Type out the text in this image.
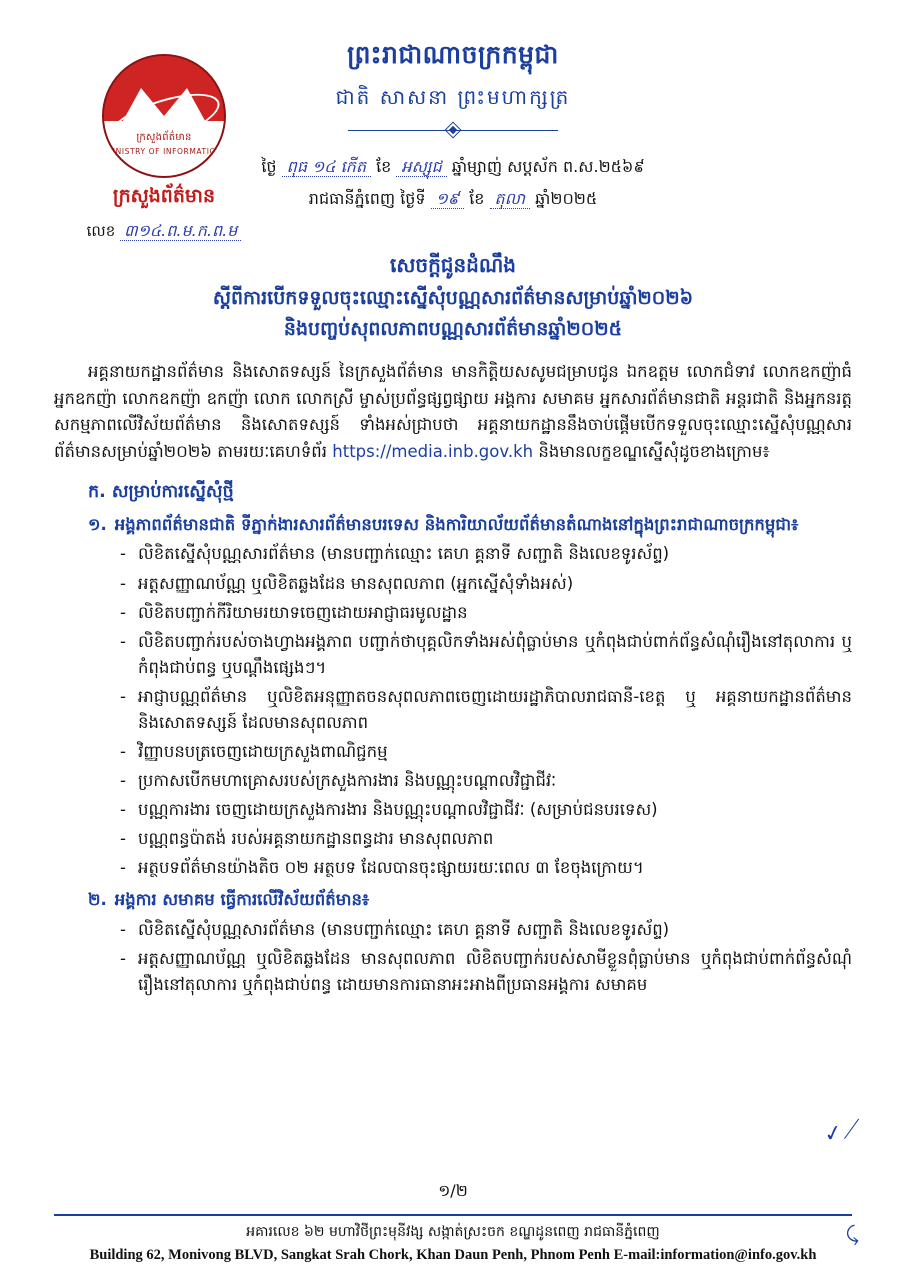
ក្រសួងព័ត៌មាន
MINISTRY OF INFORMATION
ក្រសួងព័ត៌មាន
លេខ ៣១៤.ព.ម.ក.ព.ម
ព្រះរាជាណាចក្រកម្ពុជា
ជាតិ សាសនា ព្រះមហាក្សត្រ
ថ្ងៃ ពុធ ១៤ កើត ខែ អស្សុជ ឆ្នាំម្សាញ់ សប្តស័ក ព.ស.២៥៦៩
រាជធានីភ្នំពេញ ថ្ងៃទី ១៩ ខែ តុលា ឆ្នាំ២០២៥
សេចក្តីជូនដំណឹង
ស្តីពីការបើកទទួលចុះឈ្មោះស្នើសុំបណ្ណសារព័ត៌មានសម្រាប់ឆ្នាំ២០២៦
និងបញ្ចប់សុពលភាពបណ្ណសារព័ត៌មានឆ្នាំ២០២៥

អគ្គនាយកដ្ឋានព័ត៌មាន និងសោតទស្សន៍ នៃក្រសួងព័ត៌មាន មានកិត្តិយសសូមជម្រាបជូន ឯកឧត្តម លោកជំទាវ លោកឧកញ៉ាធំ អ្នកឧកញ៉ា លោកឧកញ៉ា ឧកញ៉ា លោក លោកស្រី ម្ចាស់ប្រព័ន្ធផ្សព្វផ្សាយ អង្គការ សមាគម អ្នកសារព័ត៌មានជាតិ អន្តរជាតិ និងអ្នកនរត្តសកម្មភាពលើវិស័យព័ត៌មាន និងសោតទស្សន៍ ទាំងអស់ជ្រាបថា អគ្គនាយកដ្ឋាននឹងចាប់ផ្តើមបើកទទួលចុះឈ្មោះស្នើសុំបណ្ណសារព័ត៌មានសម្រាប់ឆ្នាំ២០២៦ តាមរយៈគេហទំព័រ https://media.inb.gov.kh និងមានលក្ខខណ្ឌស្នើសុំដូចខាងក្រោម៖

ក. សម្រាប់ការស្នើសុំថ្មី
១. អង្គភាពព័ត៌មានជាតិ ទីភ្នាក់ងារសារព័ត៌មានបរទេស និងការិយាល័យព័ត៌មានតំណាងនៅក្នុងព្រះរាជាណាចក្រកម្ពុជា៖
- លិខិតស្នើសុំបណ្ណសារព័ត៌មាន (មានបញ្ជាក់ឈ្មោះ គេហ គ្គនាទី សញ្ជាតិ និងលេខទូរស័ព្ទ)
- អត្តសញ្ញាណប័ណ្ណ ឬលិខិតឆ្លងដែន មានសុពលភាព (អ្នកស្នើសុំទាំងអស់)
- លិខិតបញ្ជាក់កីរិយាមរយាទចេញដោយអាជ្ញាធរមូលដ្ឋាន
- លិខិតបញ្ជាក់របស់ចាងហ្វាងអង្គភាព បញ្ជាក់ថាបុគ្គលិកទាំងអស់ពុំធ្លាប់មាន ឬកំពុងជាប់ពាក់ព័ន្ធសំណុំរឿងនៅតុលាការ ឬកំពុងជាប់ពន្ធ ឬបណ្តឹងផ្សេងៗ។
- អាជ្ញាបណ្ណព័ត៌មាន ឬលិខិតអនុញ្ញាតចនសុពលភាពចេញដោយរដ្ឋាភិបាលរាជធានី-ខេត្ត ឬ អគ្គនាយកដ្ឋានព័ត៌មាន និងសោតទស្សន៍ ដែលមានសុពលភាព
- វិញ្ញាបនបត្រចេញដោយក្រសួងពាណិជ្ជកម្ម
- ប្រកាសបើកមហាគ្រោសរបស់ក្រសួងការងារ និងបណ្ណុះបណ្តាលវិជ្ជាជីវៈ
- បណ្ណការងារ ចេញដោយក្រសួងការងារ និងបណ្ណុះបណ្តាលវិជ្ជាជីវៈ (សម្រាប់ជនបរទេស)
- បណ្ណពន្ធប៉ាតង់ របស់អគ្គនាយកដ្ឋានពន្ធដារ មានសុពលភាព
- អត្ថបទព័ត៌មានយ៉ាងតិច ០២ អត្ថបទ ដែលបានចុះផ្សាយរយៈពេល ៣ ខែចុងក្រោយ។
២. អង្គការ សមាគម ធ្វើការលើវិស័យព័ត៌មាន៖
- លិខិតស្នើសុំបណ្ណសារព័ត៌មាន (មានបញ្ជាក់ឈ្មោះ គេហ គ្គនាទី សញ្ជាតិ និងលេខទូរស័ព្ទ)
- អត្តសញ្ញាណប័ណ្ណ ឬលិខិតឆ្លងដែន មានសុពលភាព លិខិតបញ្ជាក់របស់សាមីខ្លួនពុំធ្លាប់មាន ឬកំពុងជាប់ពាក់ព័ន្ធសំណុំរឿងនៅតុលាការ ឬកំពុងជាប់ពន្ធ ដោយមានការធានាអះអាងពីប្រធានអង្គការ សមាគម
✓⟋
⤹
១/២
អគារលេខ ៦២ មហាវិថីព្រះមុនីវង្ស សង្កាត់ស្រះចក ខណ្ឌដូនពេញ រាជធានីភ្នំពេញ
Building 62, Monivong BLVD, Sangkat Srah Chork, Khan Daun Penh, Phnom Penh E-mail:information@info.gov.kh
